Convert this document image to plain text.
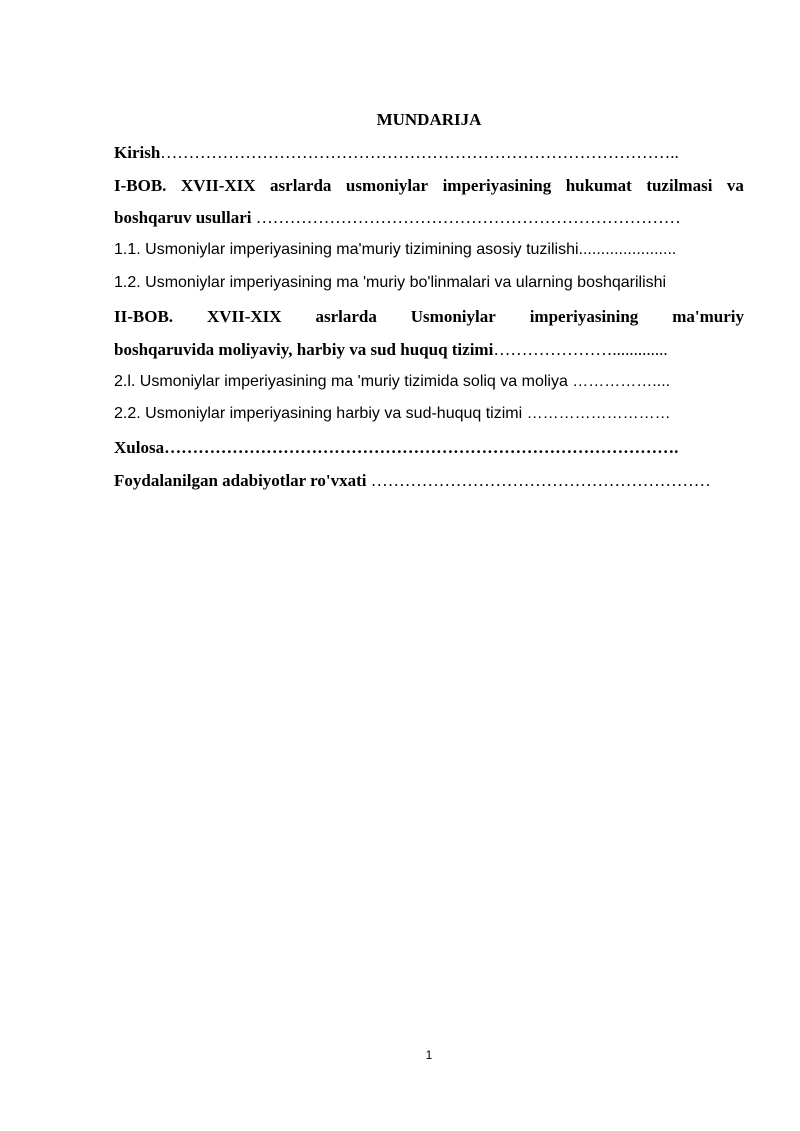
MUNDARIJA
Kirish………………………………………………………………………………..
I-BOB. XVII-XIX asrlarda usmoniylar imperiyasining hukumat tuzilmasi va
boshqaruv usullari …………………………………………………………………
1.1. Usmoniylar imperiyasining ma'muriy tizimining asosiy tuzilishi......................
1.2. Usmoniylar imperiyasining ma 'muriy bo'linmalari va ularning boshqarilishi
II-BOB. XVII-XIX asrlarda Usmoniylar imperiyasining ma'muriy
boshqaruvida moliyaviy, harbiy va sud huquq tizimi………………….............
2.l. Usmoniylar imperiyasining ma 'muriy tizimida soliq va moliya ……………....
2.2. Usmoniylar imperiyasining harbiy va sud-huquq tizimi ………………………
Xulosa……………………………………………………………………………….
Foydalanilgan adabiyotlar ro'vxati ……………………………………………………
1
